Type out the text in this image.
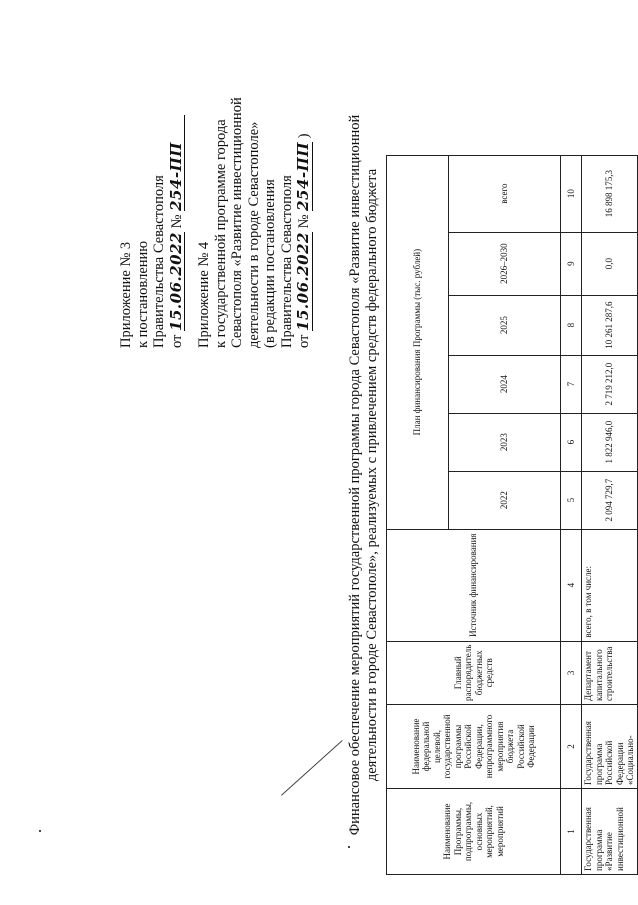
Приложение № 3 к постановлению Правительства Севастополя от 15.06.2022 № 254-ПП
Приложение № 4 к государственной программе города Севастополя «Развитие инвестиционной деятельности в городе Севастополе» (в редакции постановления Правительства Севастополя от 15.06.2022 № 254-ПП ) Финансовое обеспечение мероприятий государственной программы города Севастополя «Развитие инвестиционной деятельности в городе Севастополе», реализуемых с привлечением средств федерального бюджета
Наименование Программы, подпрограммы, основных мероприятий, мероприятий	Наименование федеральной целевой, государственной программы Российской Федерации, непрограммного мероприятия бюджета Российской Федерации	Главный распорядитель бюджетных средств	Источник финансирования	План финансирования Программы (тыс. рублей)					
				2022	2023	2024	2025	2026–2030	всего
1	2	3	4	5	6	7	8	9	10
Государственная программа «Развитие инвестиционной	Государственная программа Российской Федерации «Социально-	Департамент капитального строительства	всего, в том числе:	2 094 729,7	1 822 946,0	2 719 212,0	10 261 287,6	0,0	16 898 175,3
